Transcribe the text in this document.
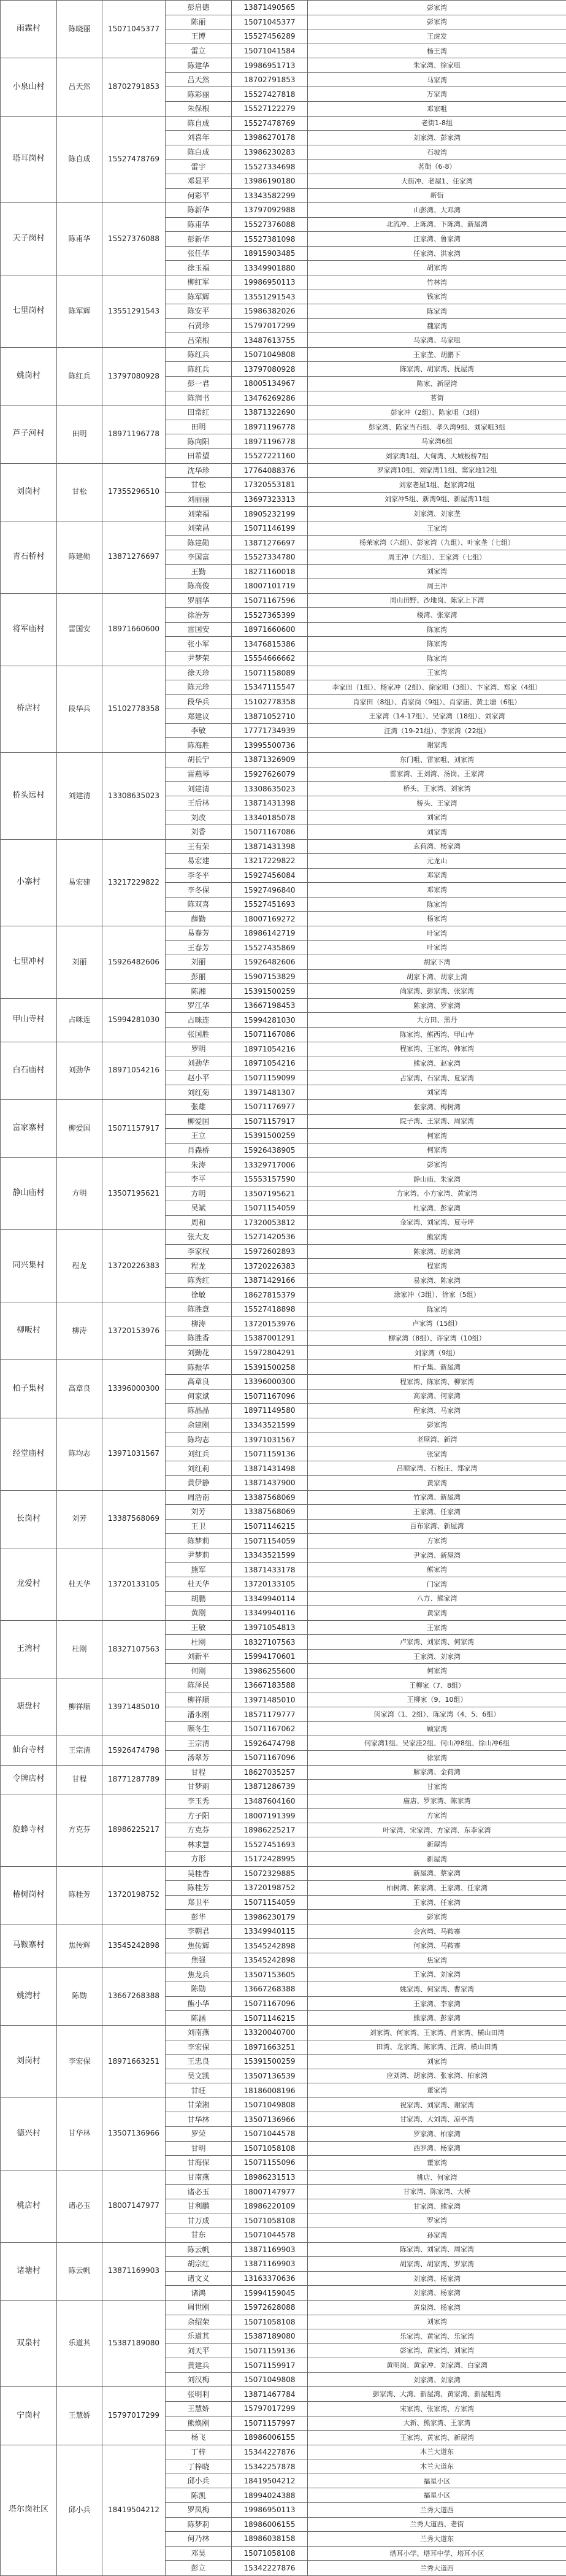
雨霖村	陈晓丽	15071045377	彭启德	13871490565	彭家湾
			陈丽	15071045377	彭家湾
			王博	15527456289	王虎发
			雷立	15071041584	杨王湾
小泉山村	吕天然	18702791853	陈建华	19986951713	朱家湾、徐家咀
			吕天然	18702791853	马家湾
			陈彩丽	15527427818	万家湾
			朱保根	15527122279	邓家咀
塔耳岗村	陈自成	15527478769	陈自成	15527478769	老街1-8组
			刘喜年	13986270178	刘家湾、彭家湾
			陈白成	13986230283	石坡湾
			雷宇	15527334698	茗街（6-8）
			邓显平	13986190180	大街冲、老屋1、任家湾
			何彩平	13343582299	新街
天子岗村	陈甫华	15527376088	陈新华	13797092988	山彭湾、大邓湾
			陈甫华	15527376088	北流冲、上陈湾、下陈湾、新屋湾
			彭新华	15527381098	汪家湾、鲁家湾
			张任华	18915903485	任家湾、洪家湾
			徐玉福	13349901880	胡家湾
七里岗村	陈军辉	13551291543	柳红军	19986950113	竹林湾
			陈军辉	13551291543	钱家湾
			陈安平	15986382026	陈家湾
			石贤珍	15797017299	魏家湾
			吕荣根	13487613755	马家湾、马家咀
姚岗村	陈红兵	13797080928	陈红兵	15071049808	王家垄、胡鹏下
			陈红兵	13797080928	陈家湾、胡家湾、抚屋湾
			彭一君	18005134967	陈家、新屋湾
			陈润书	13476269286	茗街
芦子河村	田明	18971196778	田常红	13871322690	彭家冲（2组）、陈家咀（3组）
			田明	18971196778	彭家湾、陈家当石组、孝久湾9组、刘家咀3组
			陈向阳	18971196778	马家湾6组
			田希望	15527221160	刘家湾1组、大甸湾、大城板桥7组
刘岗村	甘松	17355296510	沈华珍	17764088376	罗家湾10组、刘家湾11组、窦家地12组
			甘松	17320553181	刘家老屋1组、赵家湾2组
			刘丽丽	13697323313	刘家冲5组、新湾9组、新屋湾11组
			刘荣福	18905232199	刘家湾、刘家垄
青石桥村	陈建勋	13871276697	刘荣昌	15071146199	王家湾
			陈建勋	13871276697	杨荣家湾（六组）、彭家湾（九组）、叶家垄（七组）
			李国富	15527334780	周王冲（六组）、王家湾（七组）
			王勤	18271160018	刘家湾
			陈高俊	18007101719	周王冲
将军庙村	雷国安	18971660600	罗丽华	15071167596	周山田野、沙地岗、陈家上下湾
			徐治芳	15527365399	楼湾、张家湾
			雷国安	18971660600	陈家湾
			张小军	13476815386	陈家湾
			尹梦荣	15554666662	陈家湾
桥店村	段华兵	15102778358	徐天珍	15071158089	王家湾
			陈元珍	15347115547	李家田（1组）、杨家冲（2组）、徐家咀（3组）、卞家湾、郑家（4组）
			段华兵	15102778358	肖家田（8组）、肖家岗（9组）、肖家庙、黄土塘（6组）
			郑建议	13871052710	王家湾（14-17组）、吴家湾（18组）、刘家湾
			李敏	17771734939	汪湾（19-21组）、李家湾（22组）
			陈海胜	13995500736	谢家湾
桥头远村	刘建清	13308635023	胡长宁	13871326909	东门咀、雷家咀、刘家湾
			雷燕琴	15927626079	雷家湾、王刘湾、汤岗、王家湾
			刘建清	13308635023	桥头、王家湾、刘家湾
			王后林	13871431398	桥头、王家湾
			刘改	13340185078	刘家湾
			刘香	15071167086	刘家湾
小寨村	易宏建	13217229822	王有荣	13871431398	玄荷湾、杨家湾
			易宏建	13217229822	元龙山
			李冬平	15927456084	邓家湾
			李冬保	15927496840	邓家湾
			陈双喜	15527451693	陈家湾
			薛勤	18007169272	杨家湾
七里冲村	刘丽	15926482606	易春芳	18986142719	叶家湾
			王春芳	15527435869	叶家湾
			刘丽	15926482606	胡家下湾
			彭丽	15907153829	胡家下湾、胡家上湾
			陈湘	15391500259	尚家湾、彭家湾、张家湾
甲山寺村	占咪连	15994281030	罗江华	13667198453	陈家湾、罗家湾
			占咪连	15994281030	大方田、黑丹
			张国胜	15071167086	陈家湾、熊西湾、甲山寺
白石庙村	刘劲华	18971054216	罗明	18971054216	程家湾、王家湾、韩家湾
			刘劲华	18971054216	熊家湾、赵家湾
			赵小平	15071159099	占家湾、石家湾、夏家湾
			刘红菊	13971481307	刘家湾
富家寨村	柳爱国	15071157917	张雄	15071176977	张家湾、梅树湾
			柳爱国	15071157917	院子湾、王家湾、周家湾
			王立	15391500259	柯家湾
			肖森桥	15926438905	柯家湾
静山庙村	方明	13507195621	朱涛	13329717006	彭家湾
			李平	15553157590	静山庙、朱家湾
			方明	13507195621	方家湾、小方家湾、黄家湾
			吴斌	15071154059	杜家湾、彭家湾
			周和	17320053812	金家湾、刘家湾、夏寺坪
同兴集村	程龙	13720226383	张大友	15271420536	熊家湾
			李家权	15972602893	陈家湾、胡家湾
			程龙	13720226383	程家湾
			陈秀红	13871429166	易家湾、陈家湾
			徐敏	18627815379	涂家冲（3组）、徐家（5组）
柳畈村	柳涛	13720153976	陈胜意	15527418898	陈家湾
			柳涛	13720153976	卢家湾（15组）
			陈胜香	15387001291	柳家湾（8组）、许家湾（10组）
			刘勤花	15972804291	刘家湾（9组）
柏子集村	高章良	13396000300	陈振华	15391500258	柏子集、新屋湾
			高章良	13396000300	程家湾、陈家湾、柳家湾
			何家斌	15071167096	高家湾、何家湾
			陈晶晶	18971149580	程家湾、马家湾
经堂庙村	陈均志	13971031567	余建刚	13343521599	彭家湾
			陈均志	13971031567	老屋湾、新湾
			刘红兵	15071159136	张家湾
			刘红莉	13871431498	吕顺家湾、石板庄、郑家湾
			黄伊静	13871437900	黄家湾
长岗村	刘芳	13387568069	周浩南	13387568069	竹家湾、新屋湾
			刘芳	13387568069	王家湾、任家湾
			王卫	15071146215	百布家湾、新屋湾
			陈梦莉	15071154059	方家湾
龙爱村	杜天华	13720133105	尹梦莉	13343521599	尹家湾、新屋湾
			熊军	13871433178	熊家湾
			杜天华	13720133105	门家湾
			胡鹏	13349940114	八方、熊家湾
			黄刚	13349940116	黄家湾
王湾村	杜刚	18327107563	王敏	13971054813	王家湾
			杜刚	18327107563	卢家湾、刘家湾、何家湾
			刘新平	15994170601	王家湾、刘家湾
			何刚	13986255600	何家湾
塘盘村	柳祥顺	13971485010	陈泽民	13667183588	王柳家（7、8组）
			柳祥顺	13971485010	王柳家（9、10组）
			潘永刚	18571179777	闵家湾（1、2组）、陈家湾（4、5、6组）
			顾冬生	15071167062	顾家湾
仙台寺村	王宗清	15926474798	王宗清	15926474798	何家湾1组、吴家洼2组、何山冲8组、徐山冲6组
			汤翠芳	15071167096	徐家湾
令牌店村	甘程	18771287789	甘程	18627035257	解家湾、金荷湾
			甘梦雨	13871286739	甘家湾
旋蜂寺村	方克芬	18986225217	李玉秀	13487604160	庙店、罗家湾、陈家湾
			方子阳	18007191399	方家湾
			方克芬	18986225217	叶家湾、宋家湾、方家湾、东李家湾
			林求慧	15527451693	新屋湾
			方形	15172428995	新屋湾
椿树岗村	陈桂芳	13720198752	吴桂香	15072329885	新屋湾、蔡家湾
			陈桂芳	13720198752	柏树湾、陈家湾、王家湾、任家湾
			郑卫平	15071154059	王家湾、任家湾
			彭华	13986230179	彭家湾
马鞍寨村	焦传辉	13545242898	李朝君	13349940115	会宫塆、马鞍寨
			焦传辉	13545242898	何家湾、马鞍寨
			焦强	13545242898	焦家湾
姚湾村	陈勋	13667268388	焦龙兵	13507153605	王家湾、刘家湾
			陈勋	13667268388	姚家湾、何家湾、曹家湾
			熊小华	15071167096	王家湾、李家湾
			陈涵	15071146215	熊家湾、彭家湾
刘岗村	李宏保	18971663251	刘南燕	13320040700	刘家湾、何家湾、王家湾、肖家湾、横山田湾
			李宏保	18971663251	田湾、龙家湾、陈家湾、汪湾、横山田湾
			王忠良	15391500259	刘家湾
			吴文凯	13507136539	应刘湾、胡家湾、张家湾、柏家湾
			甘旺	18186008196	董家湾
德兴村	甘华林	13507136966	甘荣湘	15071049808	祝家湾、刘家湾、谢家湾
			甘华林	13507136966	甘家湾、大刘湾、凉亭湾
			罗荣	15071044578	罗家湾、柏家湾
			甘明	15071058108	西罗湾、杨家湾
			甘海保	15071155096	董家湾
桃店村	诸必玉	18007147977	甘南燕	18986231513	桃店、何家湾
			诸必玉	18007147977	甘家湾、陈家湾、大桥
			甘利鹏	18986220109	甘家湾、熊家湾
			甘万成	15071058108	罗家湾
			甘东	15071044578	孙家湾
诸塘村	陈云帆	13871169903	陈云帆	13871169903	陈家湾、刘家湾、周家湾
			胡宗红	13871169903	胡家湾、胡家湾、罗家湾
			诸文义	13163370636	刘家湾、杨家湾
			诸鸿	15994159045	刘家湾、杨家湾
双泉村	乐道其	15387189080	周世刚	15972628088	黄泉湾、杨家湾
			余绍荣	15071058108	刘家湾
			乐道其	15387189080	乐家湾、黄家湾、乐家湾
			刘天平	15071159136	彭家湾、黄家湾、刘家湾
			黄建兵	15071159917	黄明岗、黄家冲、刘家湾、白家湾
			刘汉梅	15071049808	刘家湾、刘家湾
宁岗村	王慧娇	15797017299	张明利	13871467784	彭家湾、大湾、新屋湾、黄家湾、新屋咀湾
			王慧娇	15797017299	宋家湾、张家湾、方家湾
			熊焕刚	15071157997	大新、熊家湾、王家湾
			杨飞	18986006155	王家湾、黄家湾、新屋湾
塔尔岗社区	邱小兵	18419504212	丁梓	15344227876	木兰大道东
			丁梓晓	15342257878	木兰大道东
			邱小兵	18419504212	福星小区
			陈凯	18994024388	福星小区
			罗凤梅	19986950113	兰秀大道西
			陈梦莉	18986006155	兰秀大道西、老街
			何乃林	18986038158	兰秀大道东
			邓昊	15071058108	塔耳小学、塔耳中学、塔耳小区
			彭立	15342227876	兰秀大道西
